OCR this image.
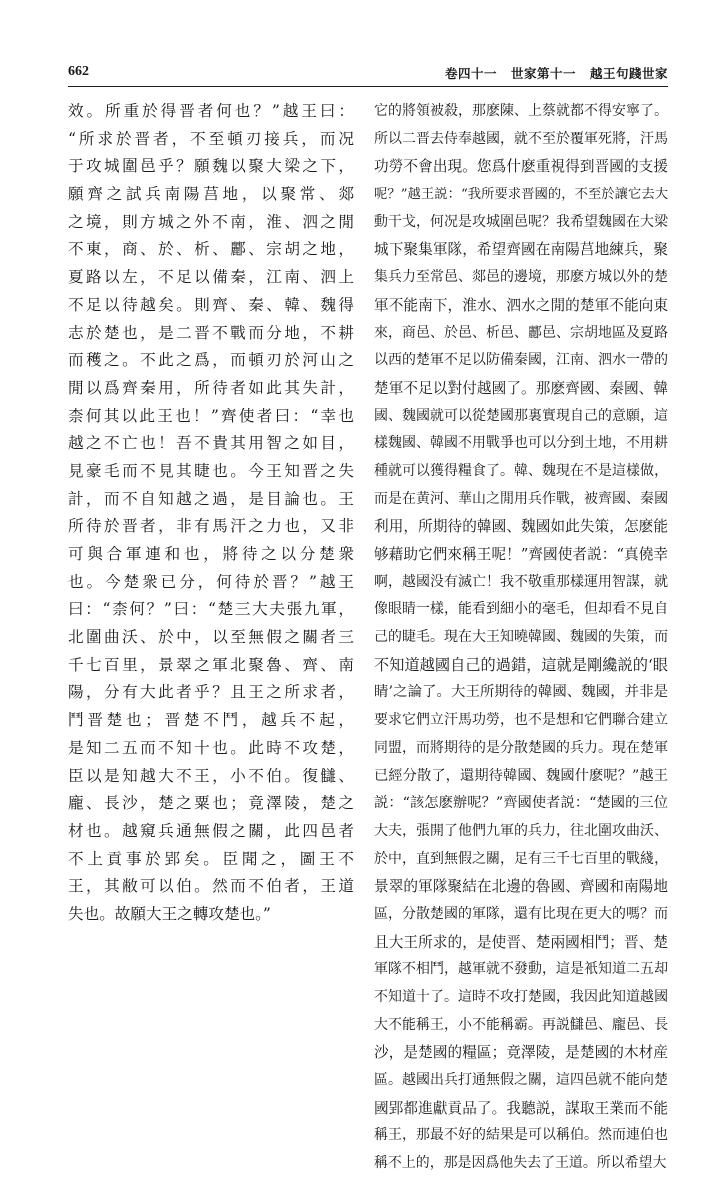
662	卷四十一 世家第十一 越王句踐世家
效。所重於得晋者何也？”越王曰：
“所求於晋者，不至頓刃接兵，而况
于攻城圍邑乎？願魏以聚大梁之下，
願齊之試兵南陽莒地，以聚常、郯
之境，則方城之外不南，淮、泗之閒
不東，商、於、析、酈、宗胡之地，
夏路以左，不足以備秦，江南、泗上
不足以待越矣。則齊、秦、韓、魏得
志於楚也，是二晋不戰而分地，不耕
而穫之。不此之爲，而頓刃於河山之
閒以爲齊秦用，所待者如此其失計，
柰何其以此王也！”齊使者曰：“幸也
越之不亡也！吾不貴其用智之如目，
見豪毛而不見其睫也。今王知晋之失
計，而不自知越之過，是目論也。王
所待於晋者，非有馬汗之力也，又非
可與合軍連和也，將待之以分楚衆
也。今楚衆已分，何待於晋？”越王
曰：“柰何？”曰：“楚三大夫張九軍，
北圍曲沃、於中，以至無假之關者三
千七百里，景翠之軍北聚魯、齊、南
陽，分有大此者乎？且王之所求者，
鬥晋楚也；晋楚不鬥，越兵不起，
是知二五而不知十也。此時不攻楚，
臣以是知越大不王，小不伯。復讎、
龐、長沙，楚之粟也；竟澤陵，楚之
材也。越窺兵通無假之關，此四邑者
不上貢事於郢矣。臣聞之，圖王不
王，其敝可以伯。然而不伯者，王道
失也。故願大王之轉攻楚也。”
它的將領被殺，那麽陳、上蔡就都不得安寧了。
所以二晋去侍奉越國，就不至於覆軍死將，汗馬
功勞不會出現。您爲什麽重視得到晋國的支援
呢？”越王説：“我所要求晋國的，不至於讓它去大
動干戈，何况是攻城圍邑呢？我希望魏國在大梁
城下聚集軍隊，希望齊國在南陽莒地練兵，聚
集兵力至常邑、郯邑的邊境，那麽方城以外的楚
軍不能南下，淮水、泗水之閒的楚軍不能向東
來，商邑、於邑、析邑、酈邑、宗胡地區及夏路
以西的楚軍不足以防備秦國，江南、泗水一帶的
楚軍不足以對付越國了。那麽齊國、秦國、韓
國、魏國就可以從楚國那裏實現自己的意願，這
樣魏國、韓國不用戰爭也可以分到土地，不用耕
種就可以獲得糧食了。韓、魏現在不是這樣做，
而是在黄河、華山之閒用兵作戰，被齊國、秦國
利用，所期待的韓國、魏國如此失策，怎麽能
够藉助它們來稱王呢！”齊國使者説：“真僥幸
啊，越國没有滅亡！我不敬重那樣運用智謀，就
像眼睛一樣，能看到細小的毫毛，但却看不見自
己的睫毛。現在大王知曉韓國、魏國的失策，而
不知道越國自己的過錯，這就是剛纔説的‘眼
睛’之論了。大王所期待的韓國、魏國，并非是
要求它們立汗馬功勞，也不是想和它們聯合建立
同盟，而將期待的是分散楚國的兵力。現在楚軍
已經分散了，還期待韓國、魏國什麽呢？”越王
説：“該怎麽辦呢？”齊國使者説：“楚國的三位
大夫，張開了他們九軍的兵力，往北圍攻曲沃、
於中，直到無假之關，足有三千七百里的戰綫，
景翠的軍隊聚結在北邊的魯國、齊國和南陽地
區，分散楚國的軍隊，還有比現在更大的嗎？而
且大王所求的，是使晋、楚兩國相鬥；晋、楚
軍隊不相鬥，越軍就不發動，這是衹知道二五却
不知道十了。這時不攻打楚國，我因此知道越國
大不能稱王，小不能稱霸。再説讎邑、龐邑、長
沙，是楚國的糧區；竟澤陵，是楚國的木材産
區。越國出兵打通無假之關，這四邑就不能向楚
國郢都進獻貢品了。我聽説，謀取王業而不能
稱王，那最不好的結果是可以稱伯。然而連伯也
稱不上的，那是因爲他失去了王道。所以希望大
